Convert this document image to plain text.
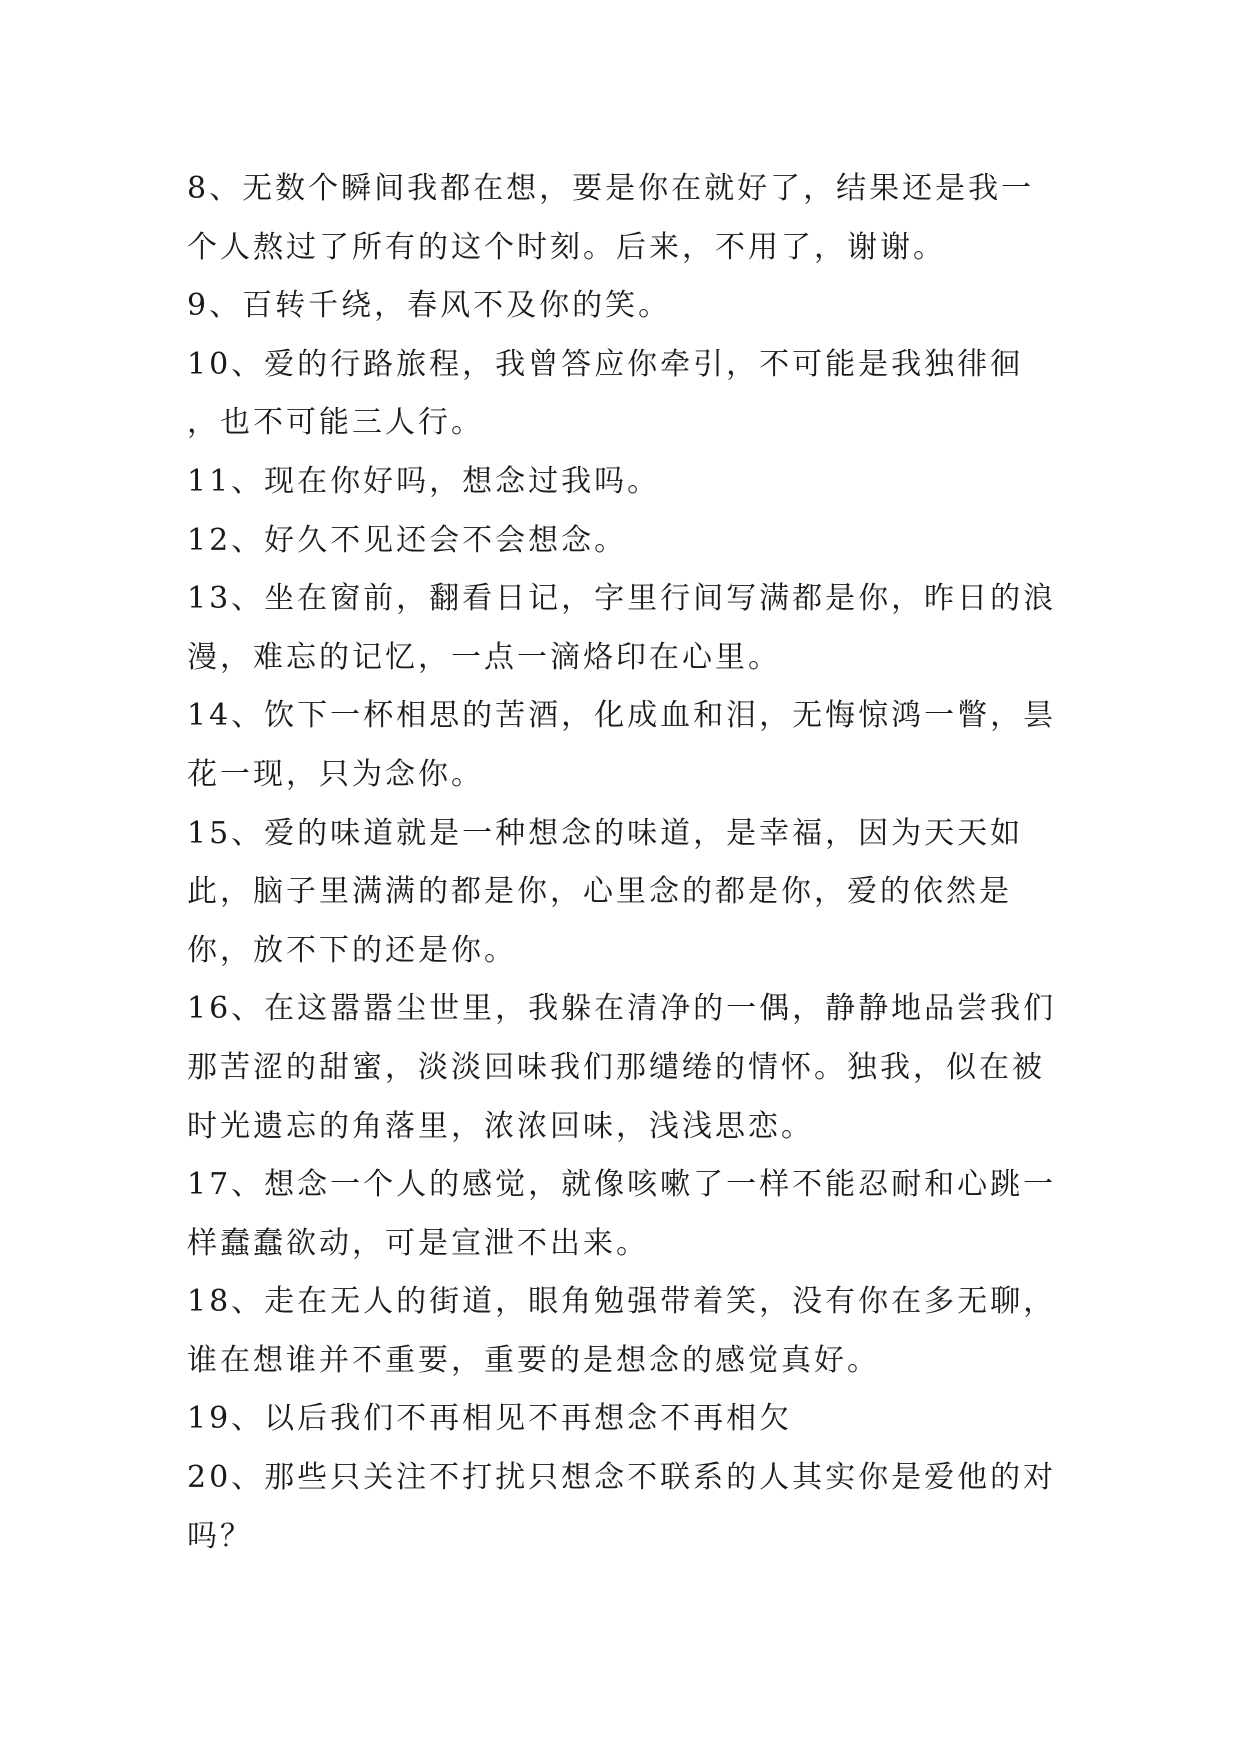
8、无数个瞬间我都在想，要是你在就好了，结果还是我一个人熬过了所有的这个时刻。后来，不用了，谢谢。

9、百转千绕，春风不及你的笑。

10、爱的行路旅程，我曾答应你牵引，不可能是我独徘徊 ，也不可能三人行。

11、现在你好吗，想念过我吗。

12、好久不见还会不会想念。

13、坐在窗前，翻看日记，字里行间写满都是你，昨日的浪漫，难忘的记忆，一点一滴烙印在心里。

14、饮下一杯相思的苦酒，化成血和泪，无悔惊鸿一瞥，昙花一现，只为念你。

15、爱的味道就是一种想念的味道，是幸福，因为天天如此，脑子里满满的都是你，心里念的都是你，爱的依然是你，放不下的还是你。

16、在这嚣嚣尘世里，我躲在清净的一偶，静静地品尝我们那苦涩的甜蜜，淡淡回味我们那缱绻的情怀。独我，似在被时光遗忘的角落里，浓浓回味，浅浅思恋。

17、想念一个人的感觉，就像咳嗽了一样不能忍耐和心跳一样蠢蠢欲动，可是宣泄不出来。

18、走在无人的街道，眼角勉强带着笑，没有你在多无聊，谁在想谁并不重要，重要的是想念的感觉真好。

19、以后我们不再相见不再想念不再相欠

20、那些只关注不打扰只想念不联系的人其实你是爱他的对吗？
